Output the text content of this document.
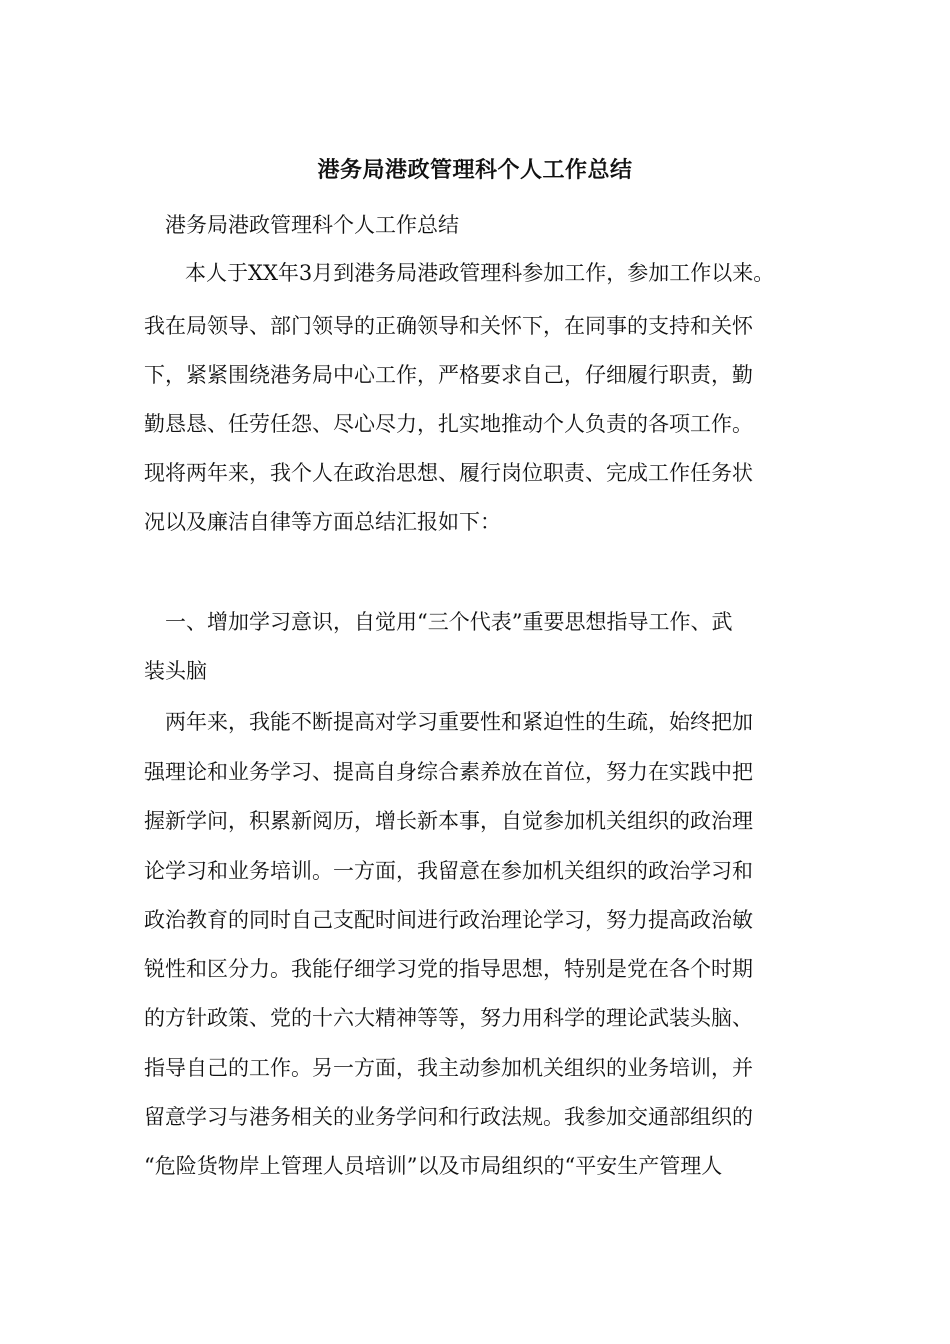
港务局港政管理科个人工作总结
港务局港政管理科个人工作总结
本人于XX年3月到港务局港政管理科参加工作，参加工作以来。
我在局领导、部门领导的正确领导和关怀下，在同事的支持和关怀
下，紧紧围绕港务局中心工作，严格要求自己，仔细履行职责，勤
勤恳恳、任劳任怨、尽心尽力，扎实地推动个人负责的各项工作。
现将两年来，我个人在政治思想、履行岗位职责、完成工作任务状
况以及廉洁自律等方面总结汇报如下：
一、增加学习意识，自觉用“三个代表”重要思想指导工作、武
装头脑
两年来，我能不断提高对学习重要性和紧迫性的生疏，始终把加
强理论和业务学习、提高自身综合素养放在首位，努力在实践中把
握新学问，积累新阅历，增长新本事，自觉参加机关组织的政治理
论学习和业务培训。一方面，我留意在参加机关组织的政治学习和
政治教育的同时自己支配时间进行政治理论学习，努力提高政治敏
锐性和区分力。我能仔细学习党的指导思想，特别是党在各个时期
的方针政策、党的十六大精神等等，努力用科学的理论武装头脑、
指导自己的工作。另一方面，我主动参加机关组织的业务培训，并
留意学习与港务相关的业务学问和行政法规。我参加交通部组织的
“危险货物岸上管理人员培训”以及市局组织的“平安生产管理人
